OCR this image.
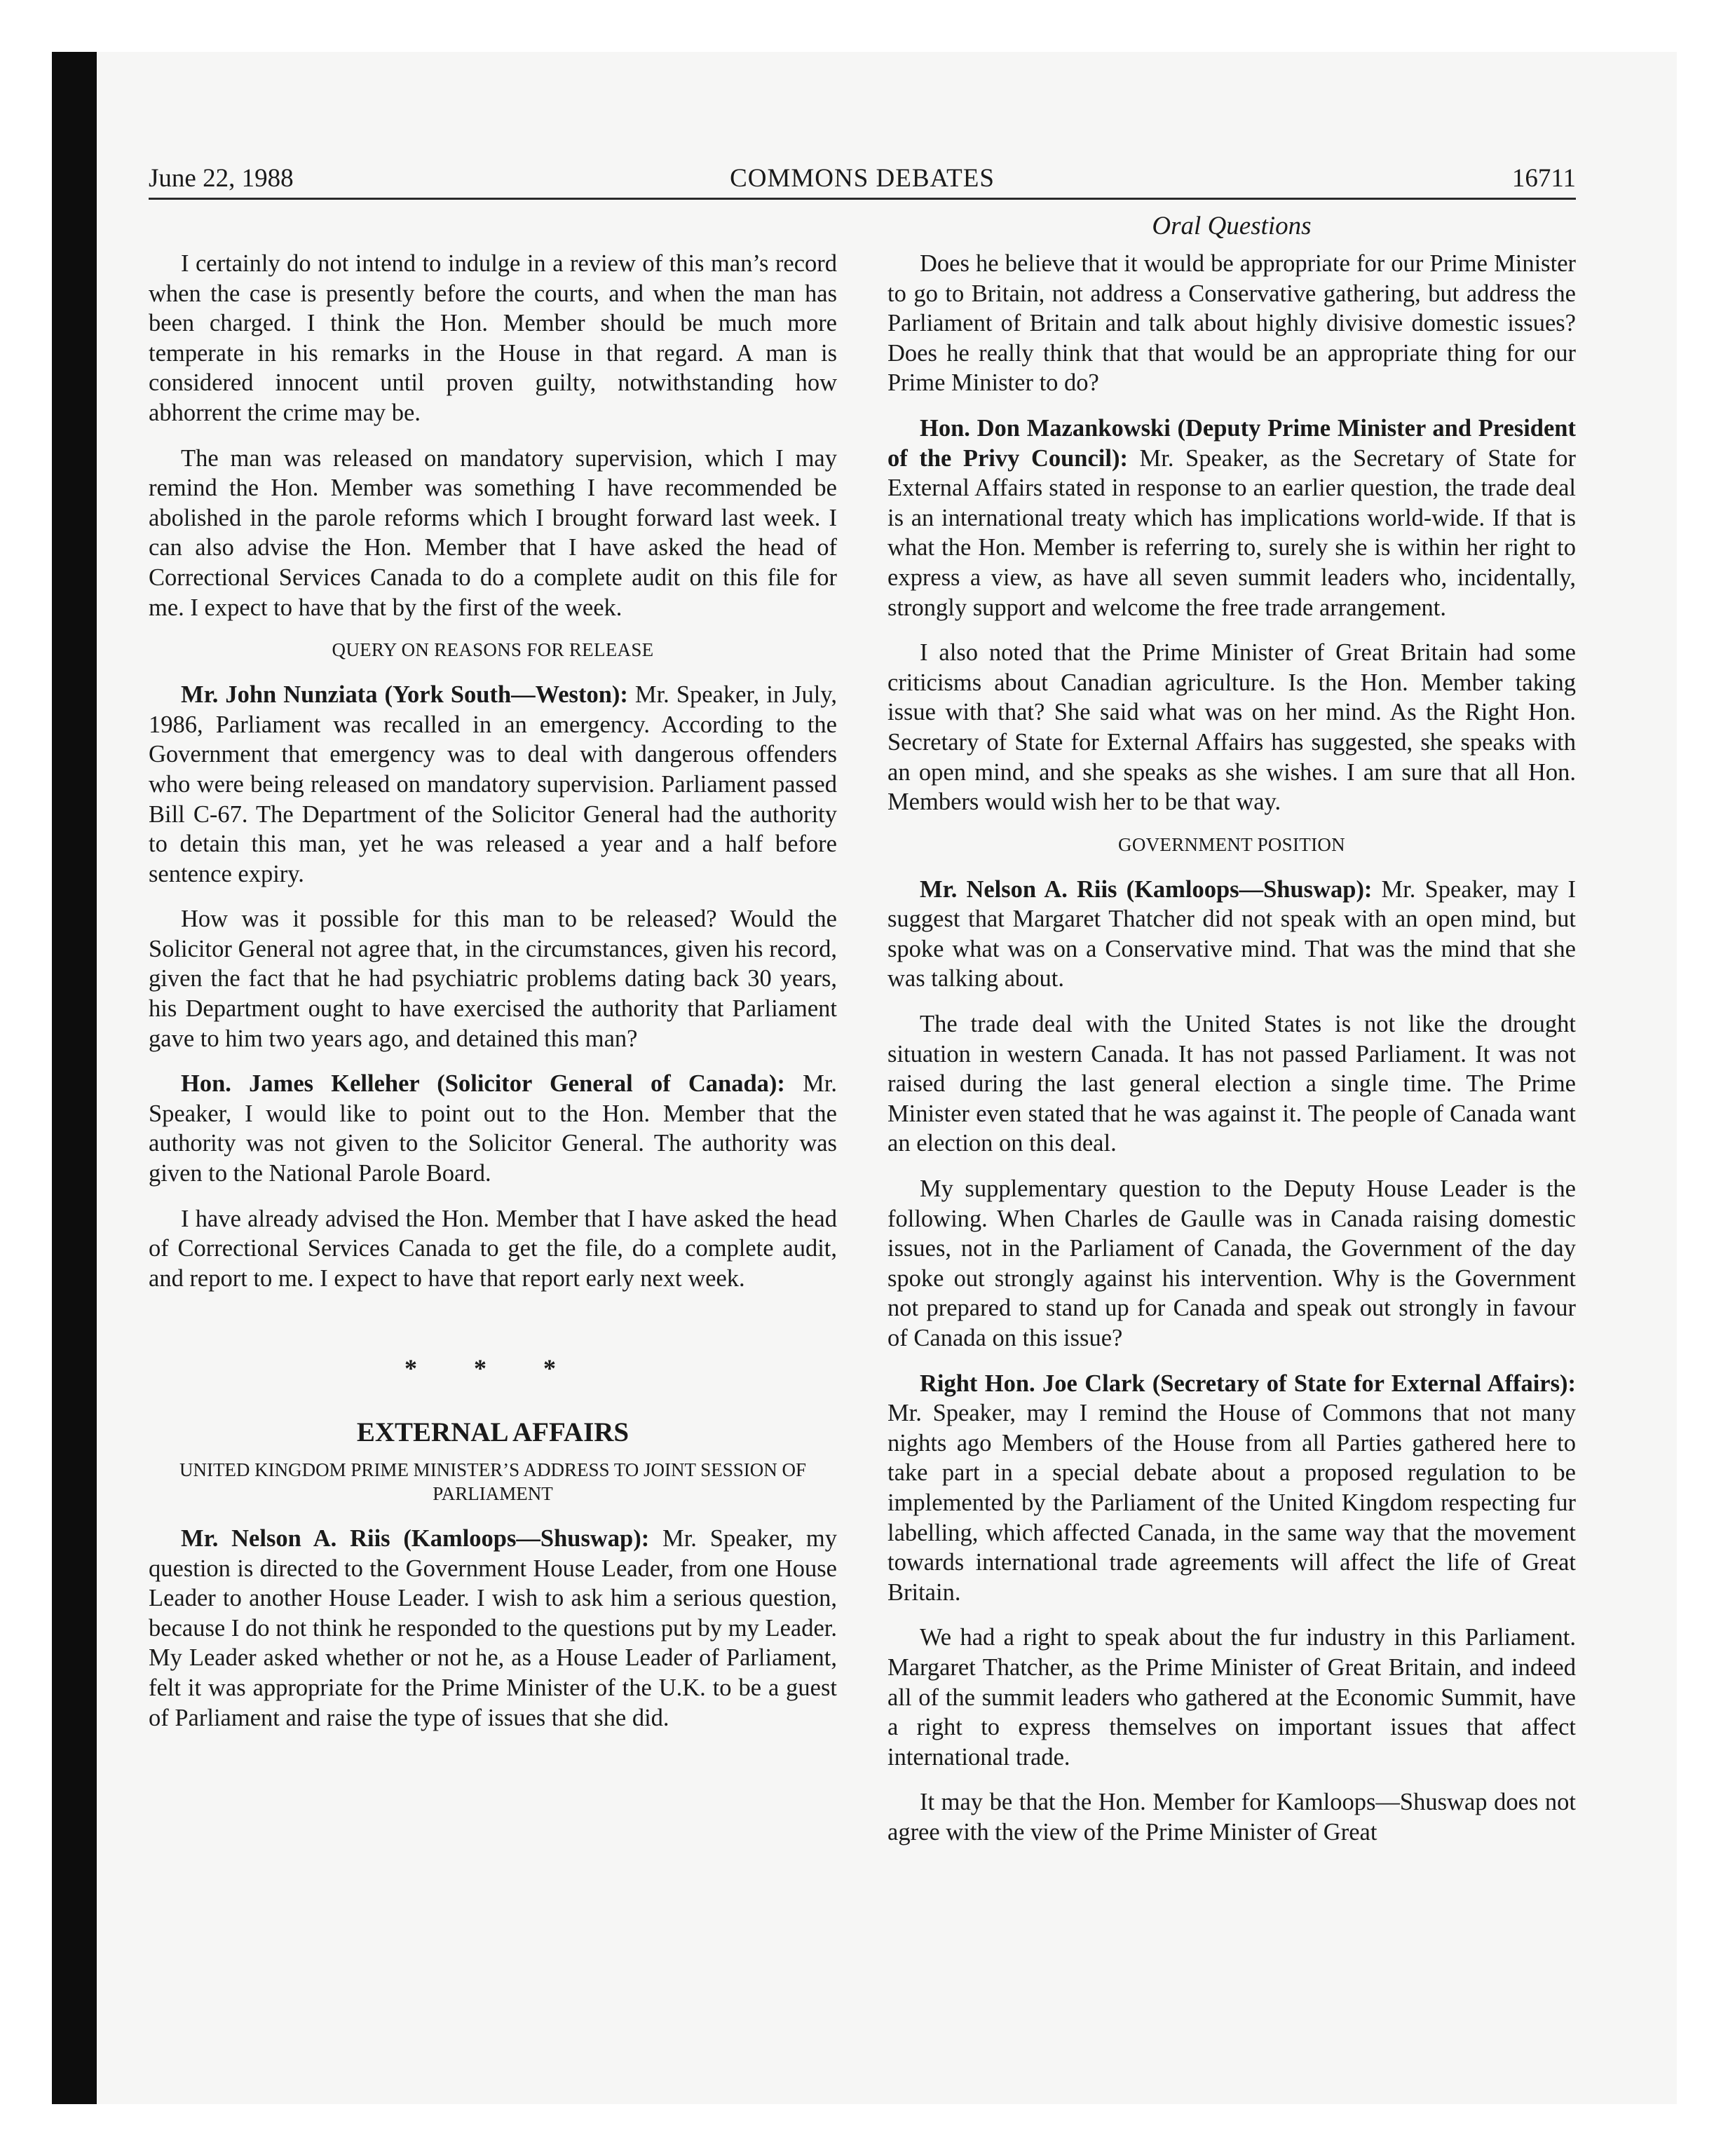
June 22, 1988	COMMONS DEBATES	16711
Oral Questions

I certainly do not intend to indulge in a review of this man’s record when the case is presently before the courts, and when the man has been charged. I think the Hon. Member should be much more temperate in his remarks in the House in that regard. A man is considered innocent until proven guilty, notwithstanding how abhorrent the crime may be.

The man was released on mandatory supervision, which I may remind the Hon. Member was something I have recommended be abolished in the parole reforms which I brought forward last week. I can also advise the Hon. Member that I have asked the head of Correctional Services Canada to do a complete audit on this file for me. I expect to have that by the first of the week.

QUERY ON REASONS FOR RELEASE

Mr. John Nunziata (York South—Weston): Mr. Speaker, in July, 1986, Parliament was recalled in an emergency. According to the Government that emergency was to deal with dangerous offenders who were being released on mandatory supervision. Parliament passed Bill C-67. The Department of the Solicitor General had the authority to detain this man, yet he was released a year and a half before sentence expiry.

How was it possible for this man to be released? Would the Solicitor General not agree that, in the circumstances, given his record, given the fact that he had psychiatric problems dating back 30 years, his Department ought to have exercised the authority that Parliament gave to him two years ago, and detained this man?

Hon. James Kelleher (Solicitor General of Canada): Mr. Speaker, I would like to point out to the Hon. Member that the authority was not given to the Solicitor General. The authority was given to the National Parole Board.

I have already advised the Hon. Member that I have asked the head of Correctional Services Canada to get the file, do a complete audit, and report to me. I expect to have that report early next week.

* * *
EXTERNAL AFFAIRS
UNITED KINGDOM PRIME MINISTER’S ADDRESS TO JOINT SESSION OF PARLIAMENT

Mr. Nelson A. Riis (Kamloops—Shuswap): Mr. Speaker, my question is directed to the Government House Leader, from one House Leader to another House Leader. I wish to ask him a serious question, because I do not think he responded to the questions put by my Leader. My Leader asked whether or not he, as a House Leader of Parliament, felt it was appropriate for the Prime Minister of the U.K. to be a guest of Parliament and raise the type of issues that she did.

Does he believe that it would be appropriate for our Prime Minister to go to Britain, not address a Conservative gathering, but address the Parliament of Britain and talk about highly divisive domestic issues? Does he really think that that would be an appropriate thing for our Prime Minister to do?

Hon. Don Mazankowski (Deputy Prime Minister and President of the Privy Council): Mr. Speaker, as the Secretary of State for External Affairs stated in response to an earlier question, the trade deal is an international treaty which has implications world-wide. If that is what the Hon. Member is referring to, surely she is within her right to express a view, as have all seven summit leaders who, incidentally, strongly support and welcome the free trade arrangement.

I also noted that the Prime Minister of Great Britain had some criticisms about Canadian agriculture. Is the Hon. Member taking issue with that? She said what was on her mind. As the Right Hon. Secretary of State for External Affairs has suggested, she speaks with an open mind, and she speaks as she wishes. I am sure that all Hon. Members would wish her to be that way.

GOVERNMENT POSITION

Mr. Nelson A. Riis (Kamloops—Shuswap): Mr. Speaker, may I suggest that Margaret Thatcher did not speak with an open mind, but spoke what was on a Conservative mind. That was the mind that she was talking about.

The trade deal with the United States is not like the drought situation in western Canada. It has not passed Parliament. It was not raised during the last general election a single time. The Prime Minister even stated that he was against it. The people of Canada want an election on this deal.

My supplementary question to the Deputy House Leader is the following. When Charles de Gaulle was in Canada raising domestic issues, not in the Parliament of Canada, the Government of the day spoke out strongly against his intervention. Why is the Government not prepared to stand up for Canada and speak out strongly in favour of Canada on this issue?

Right Hon. Joe Clark (Secretary of State for External Affairs): Mr. Speaker, may I remind the House of Commons that not many nights ago Members of the House from all Parties gathered here to take part in a special debate about a proposed regulation to be implemented by the Parliament of the United Kingdom respecting fur labelling, which affected Canada, in the same way that the movement towards international trade agreements will affect the life of Great Britain.

We had a right to speak about the fur industry in this Parliament. Margaret Thatcher, as the Prime Minister of Great Britain, and indeed all of the summit leaders who gathered at the Economic Summit, have a right to express themselves on important issues that affect international trade.

It may be that the Hon. Member for Kamloops—Shuswap does not agree with the view of the Prime Minister of Great
